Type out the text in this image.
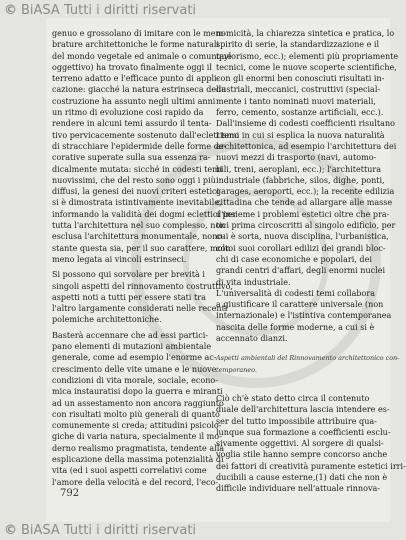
© BiASA Tutti i diritti riservati
genuo e grossolano di imitare con le mem-
brature architettoniche le forme naturali
del mondo vegetale ed animale o comunque
oggettivo) ha trovato finalmente oggi il
terreno adatto e l'efficace punto di appli-
cazione: giacché la natura estrinseca della
costruzione ha assunto negli ultimi anni
un ritmo di evoluzione cosi rapido da
rendere in alcuni temi assurdo il tenta-
tivo pervicacemente sostenuto dall'eclettismo
di stracchiare l'epidermide delle forme de-
corative superate sulla sua essenza ra-
dicalmente mutata: sicché in codesti temi
nuovissimi, che del resto sono oggi i più
diffusi, la genesi dei nuovi criteri estetici
si è dimostrata istintivamente inevitabile,
informando la validità dei dogmi eclettici per
tutta l'architettura nel suo complesso, non
esclusa l'architettura monumentale, nono-
stante questa sia, per il suo carattere, molto
meno legata ai vincoli estrinseci.
Si possono qui sorvolare per brevità i
singoli aspetti del rinnovamento costruttivo,
aspetti noti a tutti per essere stati tra
l'altro largamente considerati nelle recenti
polemiche architettoniche.
Basterà accennare che ad essi partici-
pano elementi di mutazioni ambientale
generale, come ad esempio l'enorme ac-
crescimento delle vite umane e le nuove
condizioni di vita morale, sociale, econo-
mica instauratisi dopo la guerra e miranti
ad un assestamento non ancora raggiunto
con risultati molto più generali di quanto
comunemente si creda; attitudini psicolo-
giche di varia natura, specialmente il mo-
derno realismo pragmatista, tendente alla
esplicazione della massima potenzialità di
vita (ed i suoi aspetti correlativi come
l'amore della velocità e del record, l'eco-
nomicità, la chiarezza sintetica e pratica, lo
spirito di serie, la standardizzazione e il
taylorismo, ecc.); elementi più propriamente
tecnici, come le nuove scoperte scientifiche,
con gli enormi ben conosciuti risultati in-
dustriali, meccanici, costruttivi (special-
mente i tanto nominati nuovi materiali,
ferro, cemento, sostanze artificiali, ecc.).
Dall'insieme di codesti coefficienti risultano
i temi in cui si esplica la nuova naturalità
architettonica, ad esempio l'architettura dei
nuovi mezzi di trasporto (navi, automo-
bili, treni, aeroplani, ecc.); l'architettura
industriale (fabbriche, silos, dighe, ponti,
garages, aeroporti, ecc.); la recente edilizia
cittadina che tende ad allargare alle masse
d'insieme i problemi estetici oltre che pra-
tici prima circoscritti al singolo edificio, per
cui è sorta, nuova disciplina, l'urbanistica,
con i suoi corollari edilizi dei grandi bloc-
chi di case economiche e popolari, dei
grandi centri d'affari, degli enormi nuclei
di vita industriale.
L'universalità di codesti temi collabora
a giustificare il carattere universale (non
internazionale) e l'istintiva contemporanea
nascita delle forme moderne, a cui si è
accennato dianzi.
Aspetti ambientali del Rinnovamento architettonico con-
temporaneo.
Ciò ch'è stato detto circa il contenuto
duale dell'architettura lascia intendere es-
ser del tutto impossibile attribuire qua-
lunque sua formazione a coefficienti esclu-
sivamente oggettivi. Al sorgere di qualsi-
voglia stile hanno sempre concorso anche
dei fattori di creatività puramente estetici irri-
ducibili a cause esterne,(1) dati che non è
difficile individuare nell'attuale rinnova-
792
© BiASA Tutti i diritti riservati
